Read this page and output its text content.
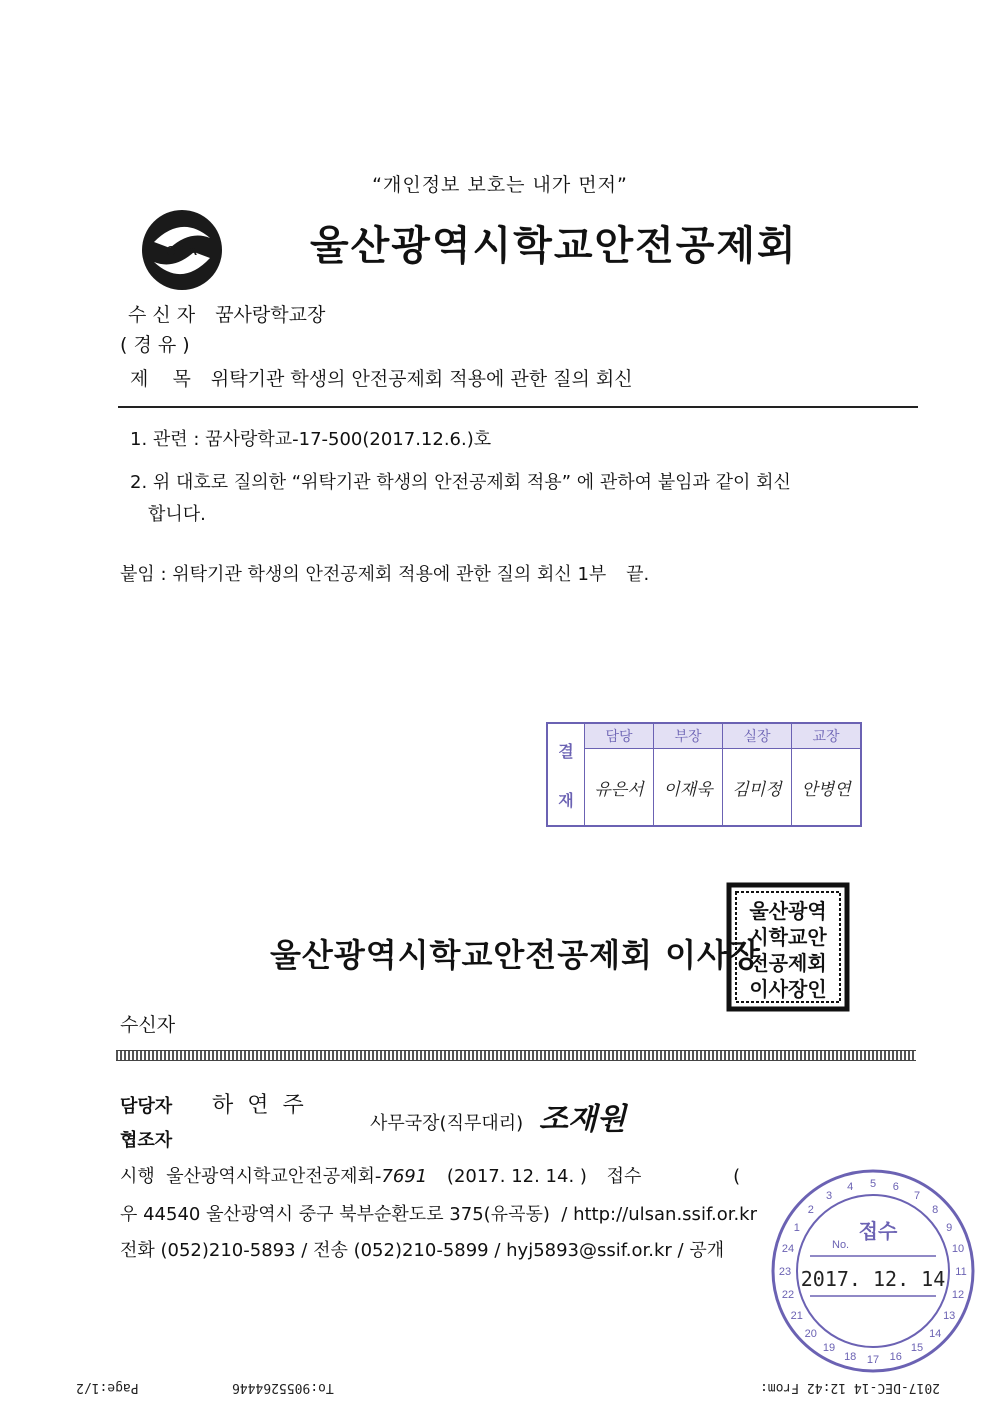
“개인정보 보호는 내가 먼저”
SSIA	울산광역시학교안전공제회
수 신 자 꿈사랑학교장
( 경 유 )
제    목 위탁기관 학생의 안전공제회 적용에 관한 질의 회신
1. 관련 : 꿈사랑학교-17-500(2017.12.6.)호
2. 위 대호로 질의한 “위탁기관 학생의 안전공제회 적용” 에 관하여 붙임과 같이 회신
합니다.
붙임 : 위탁기관 학생의 안전공제회 적용에 관한 질의 회신 1부 끝.
결
재	담당	부장	실장	교장
	유은서	이재욱	김미정	안병연
울산광역
시학교안
전공제회
이사장인
울산광역시학교안전공제회 이사장
수신자
담당자 하연주
사무국장(직무대리) 조재원
협조자
시행  울산광역시학교안전공제회-7691 (2017. 12. 14. ) 접수	(
우 44540 울산광역시 중구 북부순환도로 375(유곡동)  / http://ulsan.ssif.or.kr
전화 (052)210-5893 / 전송 (052)210-5899 / hyj5893@ssif.or.kr / 공개
1
2
3
4 5 6
7
8
9
10
11
12
13
14
15
16
17
18
19
20
21
22
23
24
접수
No.
2017. 12. 14
Page:1/2	To:9055264446	2017-DEC-14 12:42 From:
